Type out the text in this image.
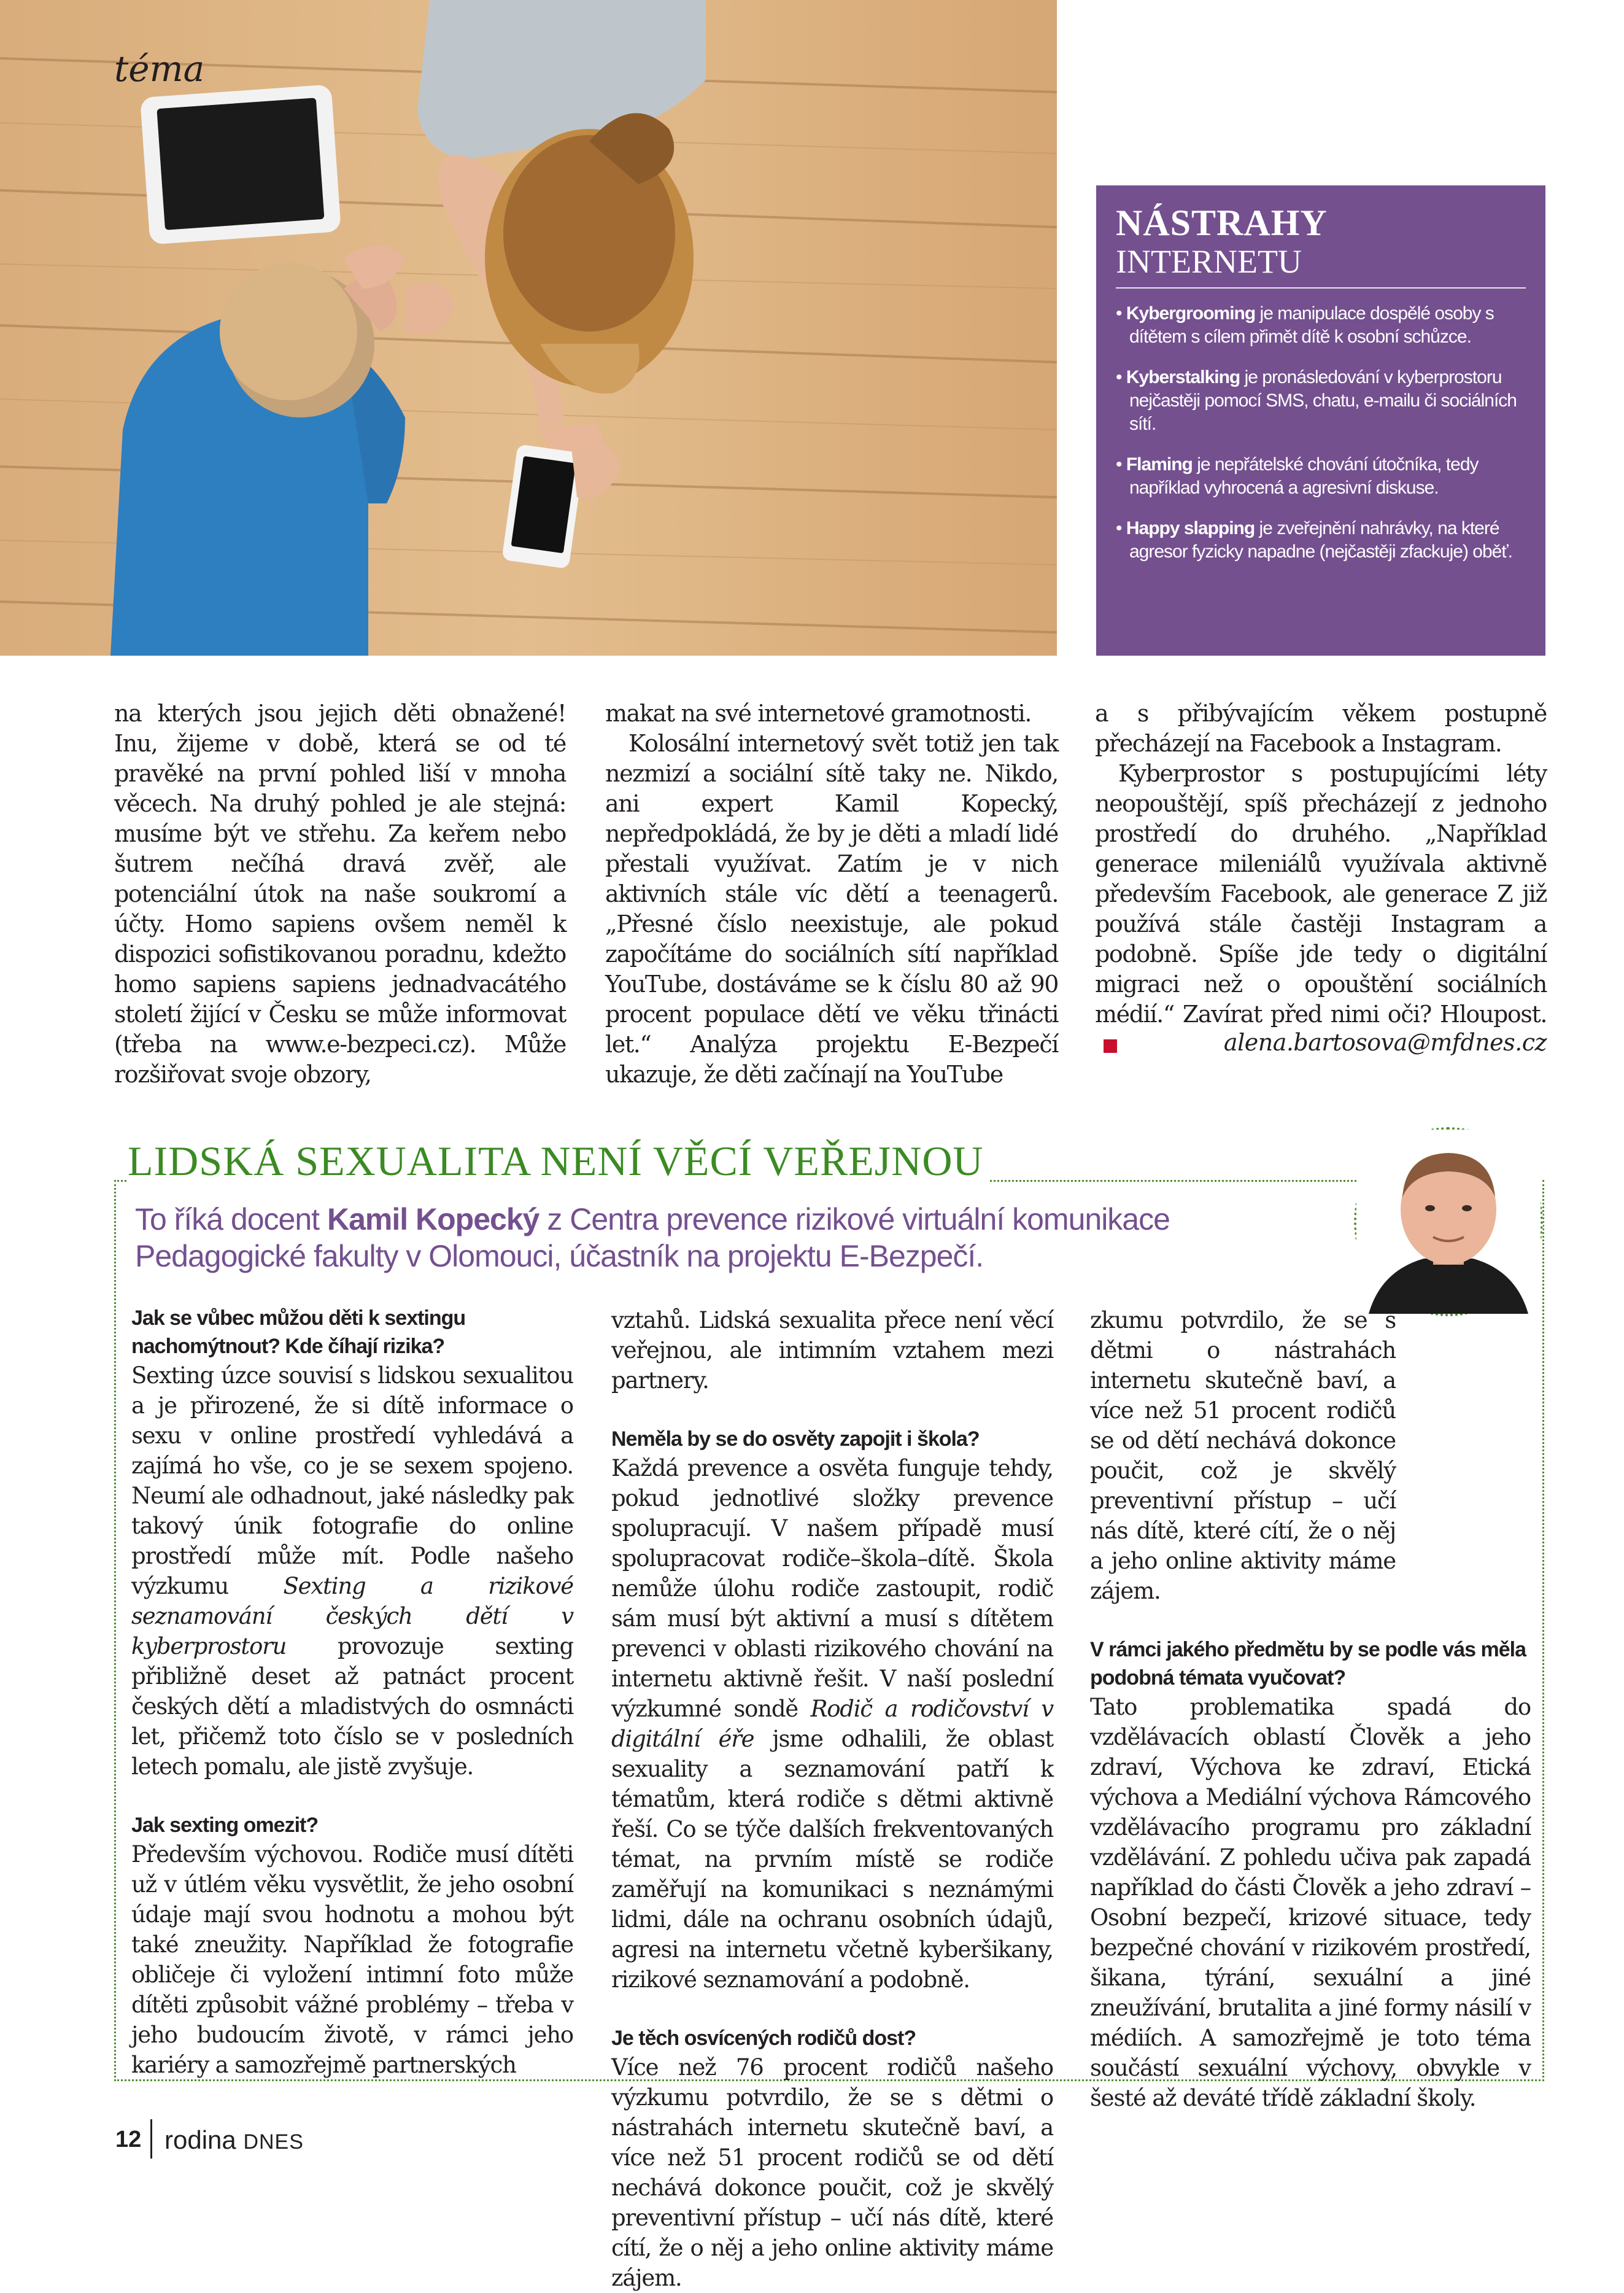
téma
NÁSTRAHY
INTERNETU
• Kybergrooming je manipulace dospělé osoby s dítětem s cílem přimět dítě k osobní schůzce.
• Kyberstalking je pronásledování v kyberprostoru nejčastěji pomocí SMS, chatu, e-mailu či sociálních sítí.
• Flaming je nepřátelské chování útočníka, tedy například vyhrocená a agresivní diskuse.
• Happy slapping je zveřejnění nahrávky, na které agresor fyzicky napadne (nejčastěji zfackuje) oběť.

na kterých jsou jejich děti obnažené! Inu, žijeme v době, která se od té pravěké na první pohled liší v mnoha věcech. Na druhý pohled je ale stejná: musíme být ve střehu. Za keřem nebo šutrem nečíhá dravá zvěř, ale potenciální útok na naše soukromí a účty. Homo sapiens ovšem neměl k dispozici sofistikovanou poradnu, kdežto homo sapiens sapiens jednadvacátého století žijící v Česku se může informovat (třeba na www.e-bezpeci.cz). Může rozšiřovat svoje obzory,

makat na své internetové gramotnosti.

Kolosální internetový svět totiž jen tak nezmizí a sociální sítě taky ne. Nikdo, ani expert Kamil Kopecký, nepředpokládá, že by je děti a mladí lidé přestali využívat. Zatím je v nich aktivních stále víc dětí a teenagerů. „Přesné číslo neexistuje, ale pokud započítáme do sociálních sítí například YouTube, dostáváme se k číslu 80 až 90 procent populace dětí ve věku třinácti let.“ Analýza projektu E-Bezpečí ukazuje, že děti začínají na YouTube

a s přibývajícím věkem postupně přecházejí na Facebook a Instagram.

Kyberprostor s postupujícími léty neopouštějí, spíš přecházejí z jednoho prostředí do druhého. „Například generace mileniálů využívala aktivně především Facebook, ale generace Z již používá stále častěji Instagram a podobně. Spíše jde tedy o digitální migraci než o opouštění sociálních médií.“ Zavírat před nimi oči? Hloupost.

alena.bartosova@mfdnes.cz
LIDSKÁ SEXUALITA NENÍ VĚCÍ VEŘEJNOU
To říká docent Kamil Kopecký z Centra prevence rizikové virtuální komunikace Pedagogické fakulty v Olomouci, účastník na projektu E-Bezpečí.

Jak se vůbec můžou děti k sextingu nachomýtnout? Kde číhají rizika?

Sexting úzce souvisí s lidskou sexualitou a je přirozené, že si dítě informace o sexu v online prostředí vyhledává a zajímá ho vše, co je se sexem spojeno. Neumí ale odhadnout, jaké následky pak takový únik fotografie do online prostředí může mít. Podle našeho výzkumu Sexting a rizikové seznamování českých dětí v kyberprostoru provozuje sexting přibližně deset až patnáct procent českých dětí a mladistvých do osmnácti let, přičemž toto číslo se v posledních letech pomalu, ale jistě zvyšuje.

Jak sexting omezit?

Především výchovou. Rodiče musí dítěti už v útlém věku vysvětlit, že jeho osobní údaje mají svou hodnotu a mohou být také zneužity. Například že fotografie obličeje či vyložení intimní foto může dítěti způsobit vážné problémy – třeba v jeho budoucím životě, v rámci jeho kariéry a samozřejmě partnerských

vztahů. Lidská sexualita přece není věcí veřejnou, ale intimním vztahem mezi partnery.

Neměla by se do osvěty zapojit i škola?

Každá prevence a osvěta funguje tehdy, pokud jednotlivé složky prevence spolupracují. V našem případě musí spolupracovat rodiče–škola–dítě. Škola nemůže úlohu rodiče zastoupit, rodič sám musí být aktivní a musí s dítětem prevenci v oblasti rizikového chování na internetu aktivně řešit. V naší poslední výzkumné sondě Rodič a rodičovství v digitální éře jsme odhalili, že oblast sexuality a seznamování patří k tématům, která rodiče s dětmi aktivně řeší. Co se týče dalších frekventovaných témat, na prvním místě se rodiče zaměřují na komunikaci s neznámými lidmi, dále na ochranu osobních údajů, agresi na internetu včetně kyberšikany, rizikové seznamování a podobně.

Je těch osvícených rodičů dost?

Více než 76 procent rodičů našeho výzkumu potvrdilo, že se s dětmi o nástrahách internetu skutečně baví, a více než 51 procent rodičů se od dětí nechává dokonce poučit, což je skvělý preventivní přístup – učí nás dítě, které cítí, že o něj a jeho online aktivity máme zájem.

zkumu potvrdilo, že se s dětmi o nástrahách internetu skutečně baví, a více než 51 procent rodičů se od dětí nechává dokonce poučit, což je skvělý preventivní přístup – učí nás dítě, které cítí, že o něj a jeho online aktivity máme zájem.

V rámci jakého předmětu by se podle vás měla podobná témata vyučovat?

Tato problematika spadá do vzdělávacích oblastí Člověk a jeho zdraví, Výchova ke zdraví, Etická výchova a Mediální výchova Rámcového vzdělávacího programu pro základní vzdělávání. Z pohledu učiva pak zapadá například do části Člověk a jeho zdraví – Osobní bezpečí, krizové situace, tedy bezpečné chování v rizikovém prostředí, šikana, týrání, sexuální a jiné zneužívání, brutalita a jiné formy násilí v médiích. A samozřejmě je toto téma součástí sexuální výchovy, obvykle v šesté až deváté třídě základní školy.

12 rodina DNES
